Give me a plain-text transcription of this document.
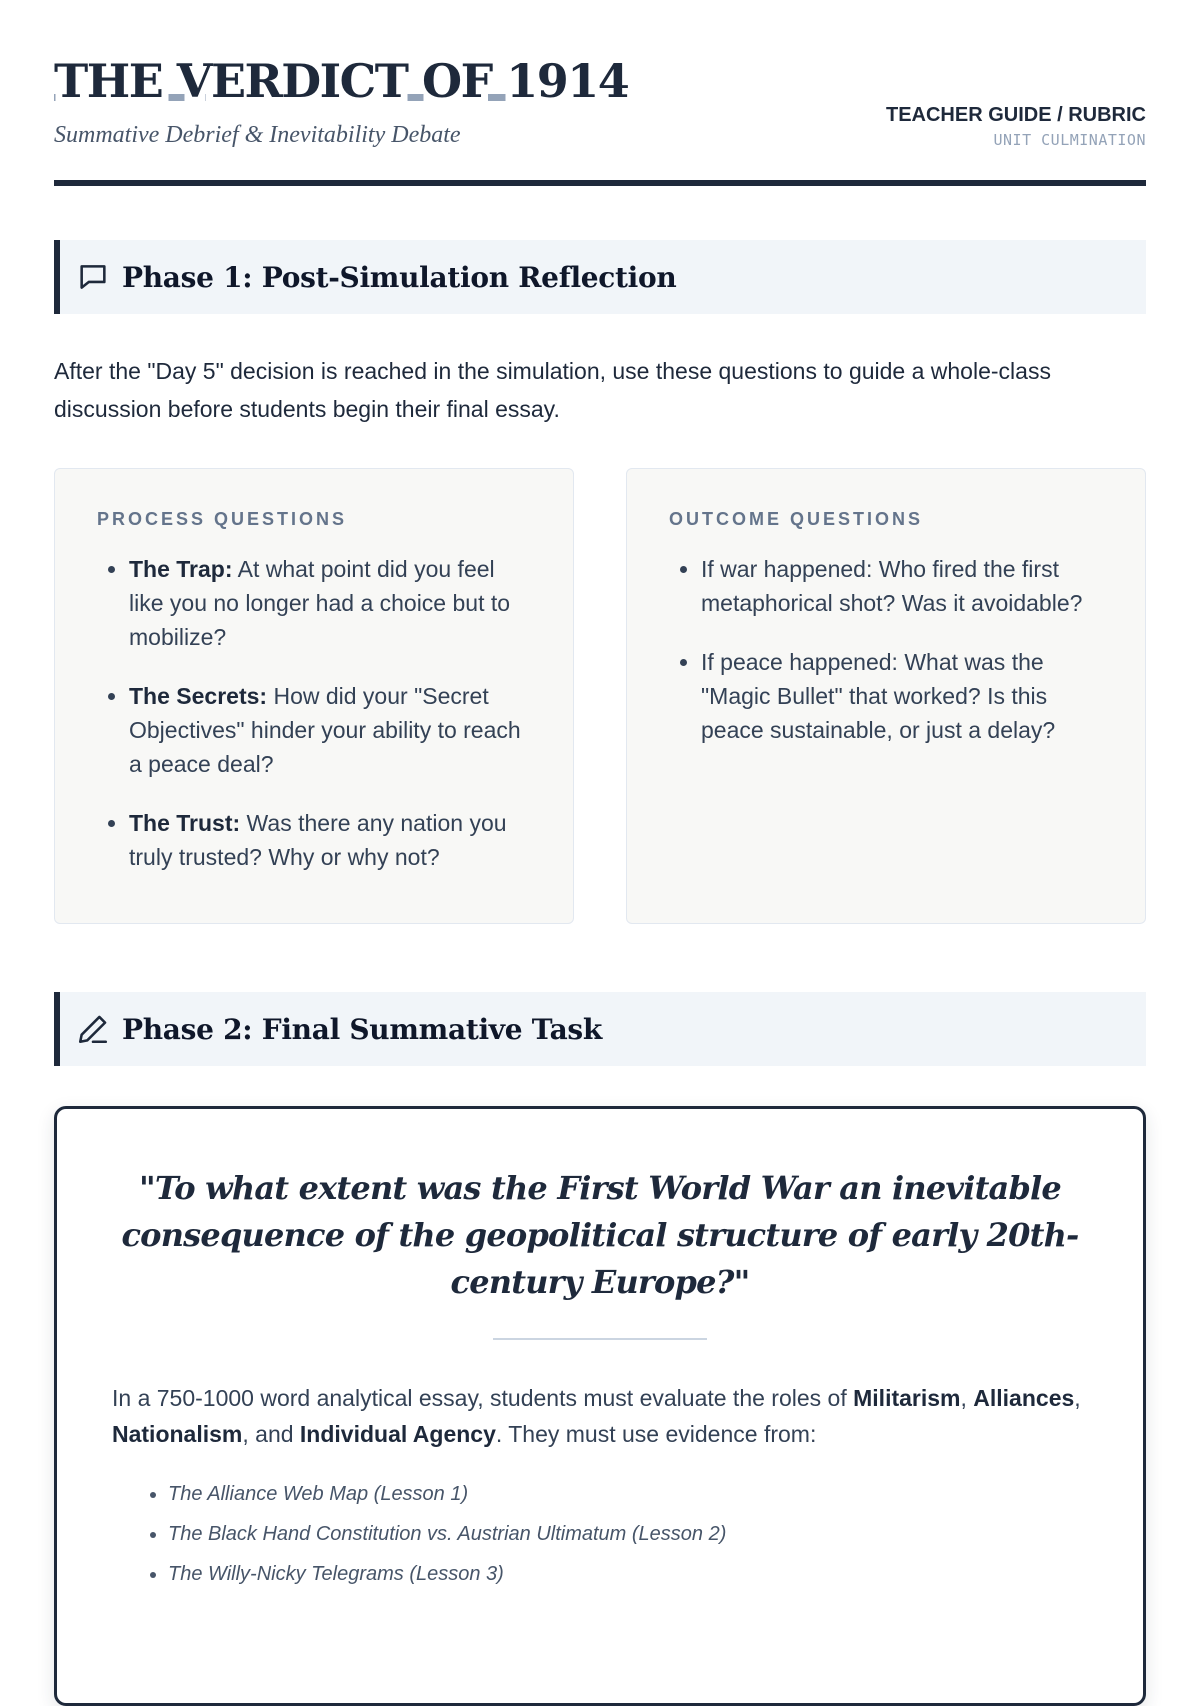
THE VERDICT OF 1914
Summative Debrief & Inevitability Debate
TEACHER GUIDE / RUBRIC
UNIT CULMINATION
Phase 1: Post-Simulation Reflection

After the "Day 5" decision is reached in the simulation, use these questions to guide a whole-class discussion before students begin their final essay.

PROCESS QUESTIONS
• The Trap: At what point did you feel like you no longer had a choice but to mobilize?
• The Secrets: How did your "Secret Objectives" hinder your ability to reach a peace deal?
• The Trust: Was there any nation you truly trusted? Why or why not?
OUTCOME QUESTIONS
• If war happened: Who fired the first metaphorical shot? Was it avoidable?
• If peace happened: What was the "Magic Bullet" that worked? Is this peace sustainable, or just a delay?
Phase 2: Final Summative Task

"To what extent was the First World War an inevitable consequence of the geopolitical structure of early 20th-century Europe?"

In a 750-1000 word analytical essay, students must evaluate the roles of Militarism, Alliances, Nationalism, and Individual Agency. They must use evidence from:

• The Alliance Web Map (Lesson 1)
• The Black Hand Constitution vs. Austrian Ultimatum (Lesson 2)
• The Willy-Nicky Telegrams (Lesson 3)
